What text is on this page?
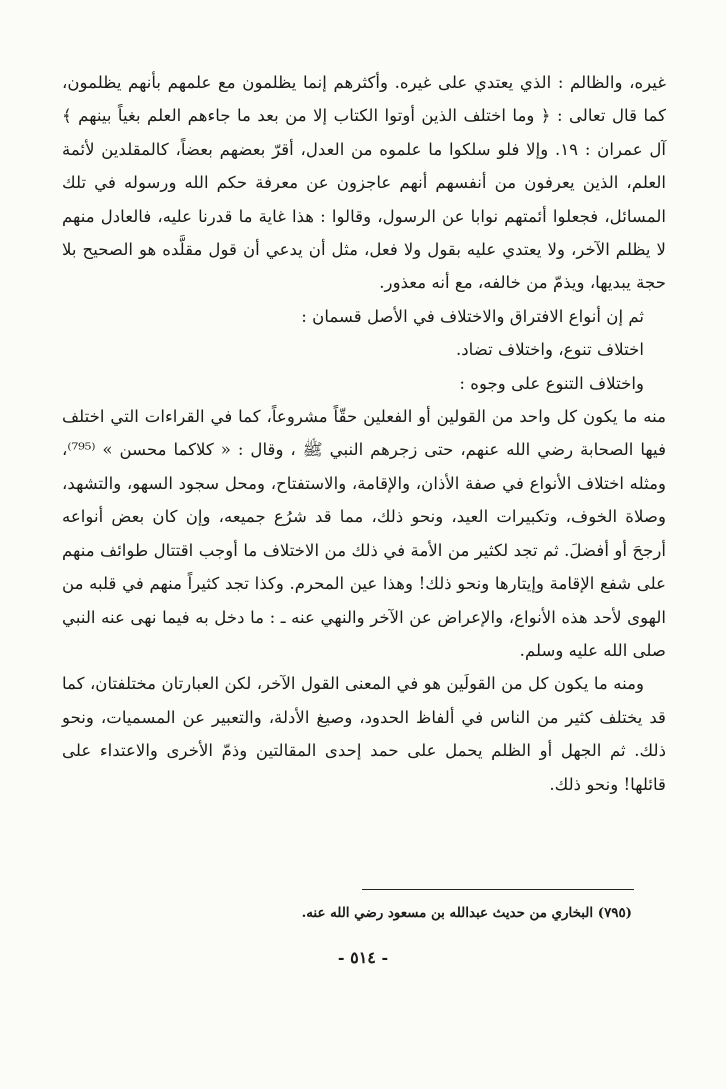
غيره، والظالم : الذي يعتدي على غيره. وأكثرهم إنما يظلمون مع علمهم بأنهم يظلمون، كما قال تعالى : ﴿ وما اختلف الذين أوتوا الكتاب إلا من بعد ما جاءهم العلم بغياً بينهم ﴾ آل عمران : ١٩. وإلا فلو سلكوا ما علموه من العدل، أقرّ بعضهم بعضاً، كالمقلدين لأئمة العلم، الذين يعرفون من أنفسهم أنهم عاجزون عن معرفة حكم الله ورسوله في تلك المسائل، فجعلوا أئمتهم نوابا عن الرسول، وقالوا : هذا غاية ما قدرنا عليه، فالعادل منهم لا يظلم الآخر، ولا يعتدي عليه بقول ولا فعل، مثل أن يدعي أن قول مقلَّده هو الصحيح بلا حجة يبديها، ويذمّ من خالفه، مع أنه معذور.

ثم إن أنواع الافتراق والاختلاف في الأصل قسمان :

اختلاف تنوع، واختلاف تضاد.

واختلاف التنوع على وجوه :

منه ما يكون كل واحد من القولين أو الفعلين حقّاً مشروعاً، كما في القراءات التي اختلف فيها الصحابة رضي الله عنهم، حتى زجرهم النبي ﷺ ، وقال : « كلاكما محسن » ⁽⁷⁹⁵⁾، ومثله اختلاف الأنواع في صفة الأذان، والإقامة، والاستفتاح، ومحل سجود السهو، والتشهد، وصلاة الخوف، وتكبيرات العيد، ونحو ذلك، مما قد شرُع جميعه، وإن كان بعض أنواعه أرجحَ أو أفضلَ. ثم تجد لكثير من الأمة في ذلك من الاختلاف ما أوجب اقتتال طوائف منهم على شفع الإقامة وإيتارها ونحو ذلك! وهذا عين المحرم. وكذا تجد كثيراً منهم في قلبه من الهوى لأحد هذه الأنواع، والإعراض عن الآخر والنهي عنه ـ : ما دخل به فيما نهى عنه النبي صلى الله عليه وسلم.

ومنه ما يكون كل من القولَين هو في المعنى القول الآخر، لكن العبارتان مختلفتان، كما قد يختلف كثير من الناس في ألفاظ الحدود، وصيغ الأدلة، والتعبير عن المسميات، ونحو ذلك. ثم الجهل أو الظلم يحمل على حمد إحدى المقالتين وذمّ الأخرى والاعتداء على قائلها! ونحو ذلك.

(٧٩٥) البخاري من حديث عبدالله بن مسعود رضي الله عنه.
- ٥١٤ -
